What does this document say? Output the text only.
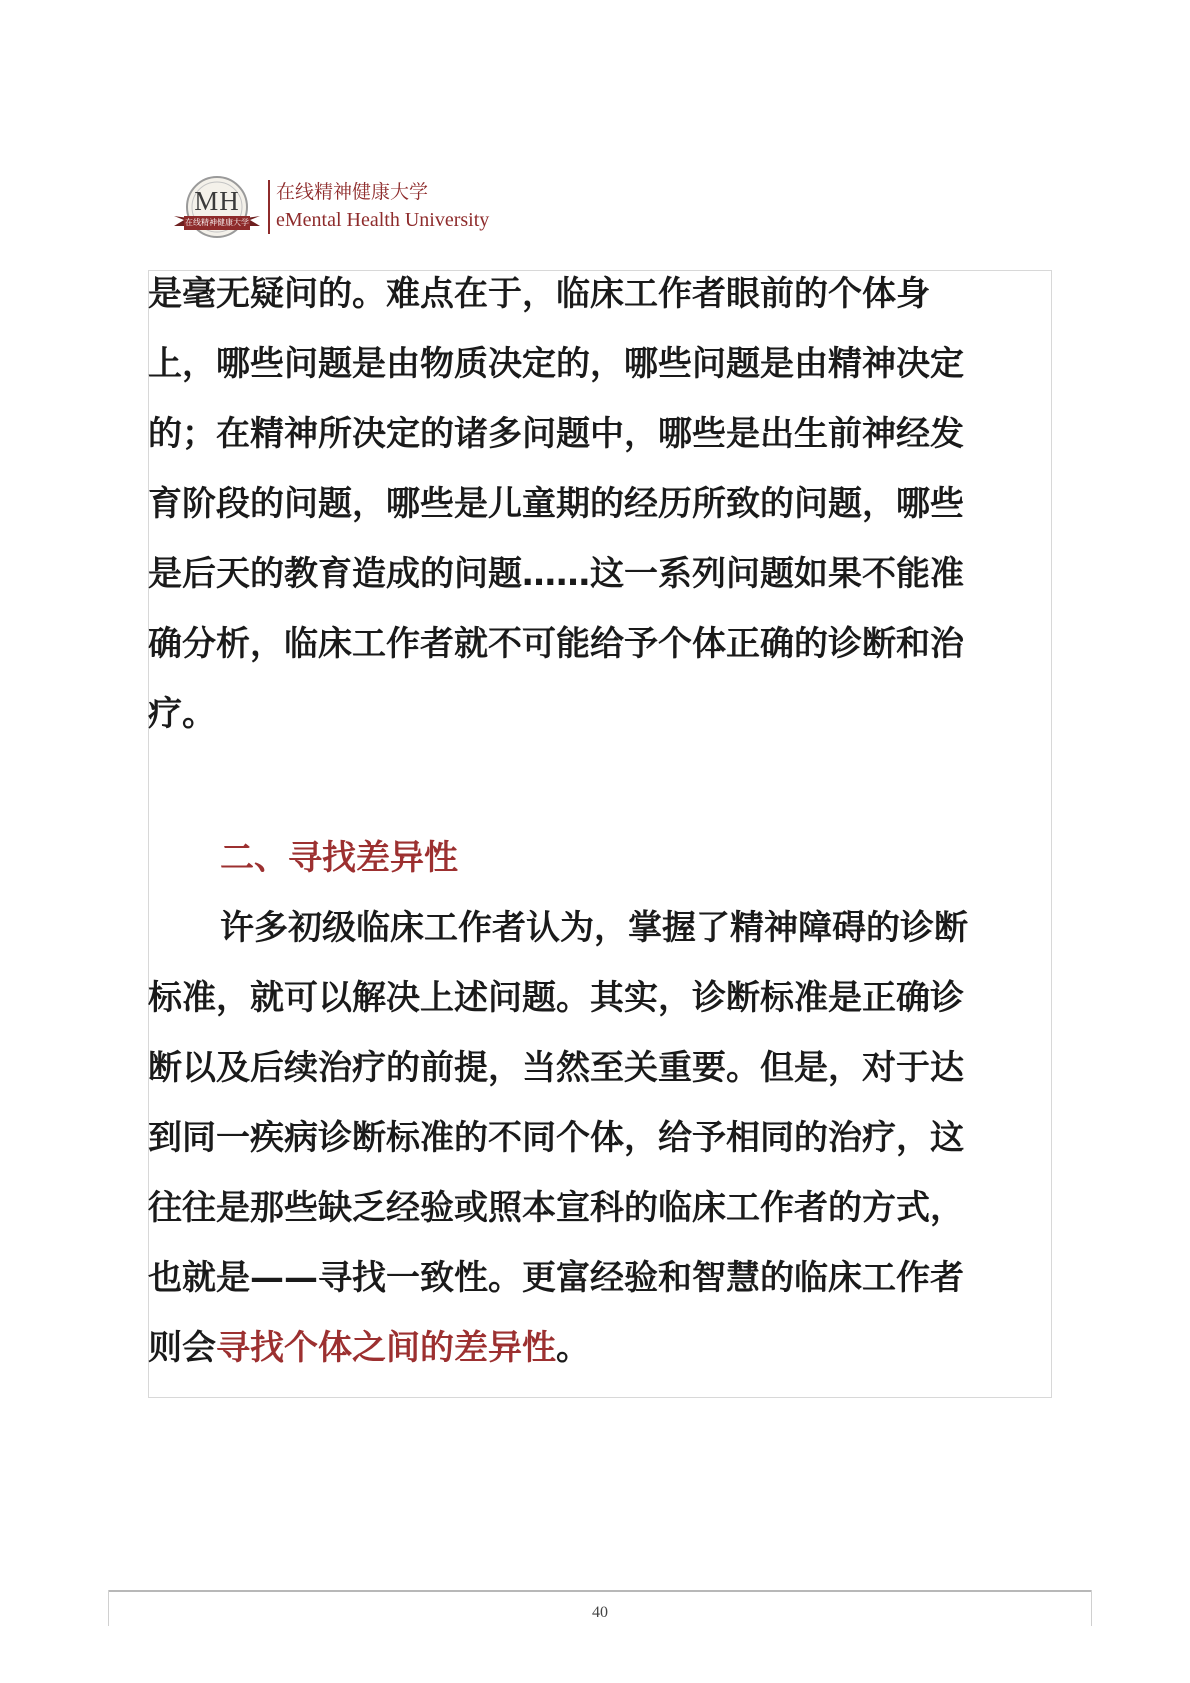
MH
在线精神健康大学
在线精神健康大学
eMental Health University
是毫无疑问的。难点在于，临床工作者眼前的个体身
上，哪些问题是由物质决定的，哪些问题是由精神决定
的；在精神所决定的诸多问题中，哪些是出生前神经发
育阶段的问题，哪些是儿童期的经历所致的问题，哪些
是后天的教育造成的问题……这一系列问题如果不能准
确分析，临床工作者就不可能给予个体正确的诊断和治
疗。
二、寻找差异性
许多初级临床工作者认为，掌握了精神障碍的诊断
标准，就可以解决上述问题。其实，诊断标准是正确诊
断以及后续治疗的前提，当然至关重要。但是，对于达
到同一疾病诊断标准的不同个体，给予相同的治疗，这
往往是那些缺乏经验或照本宣科的临床工作者的方式，
也就是——寻找一致性。更富经验和智慧的临床工作者
则会寻找个体之间的差异性。
40
